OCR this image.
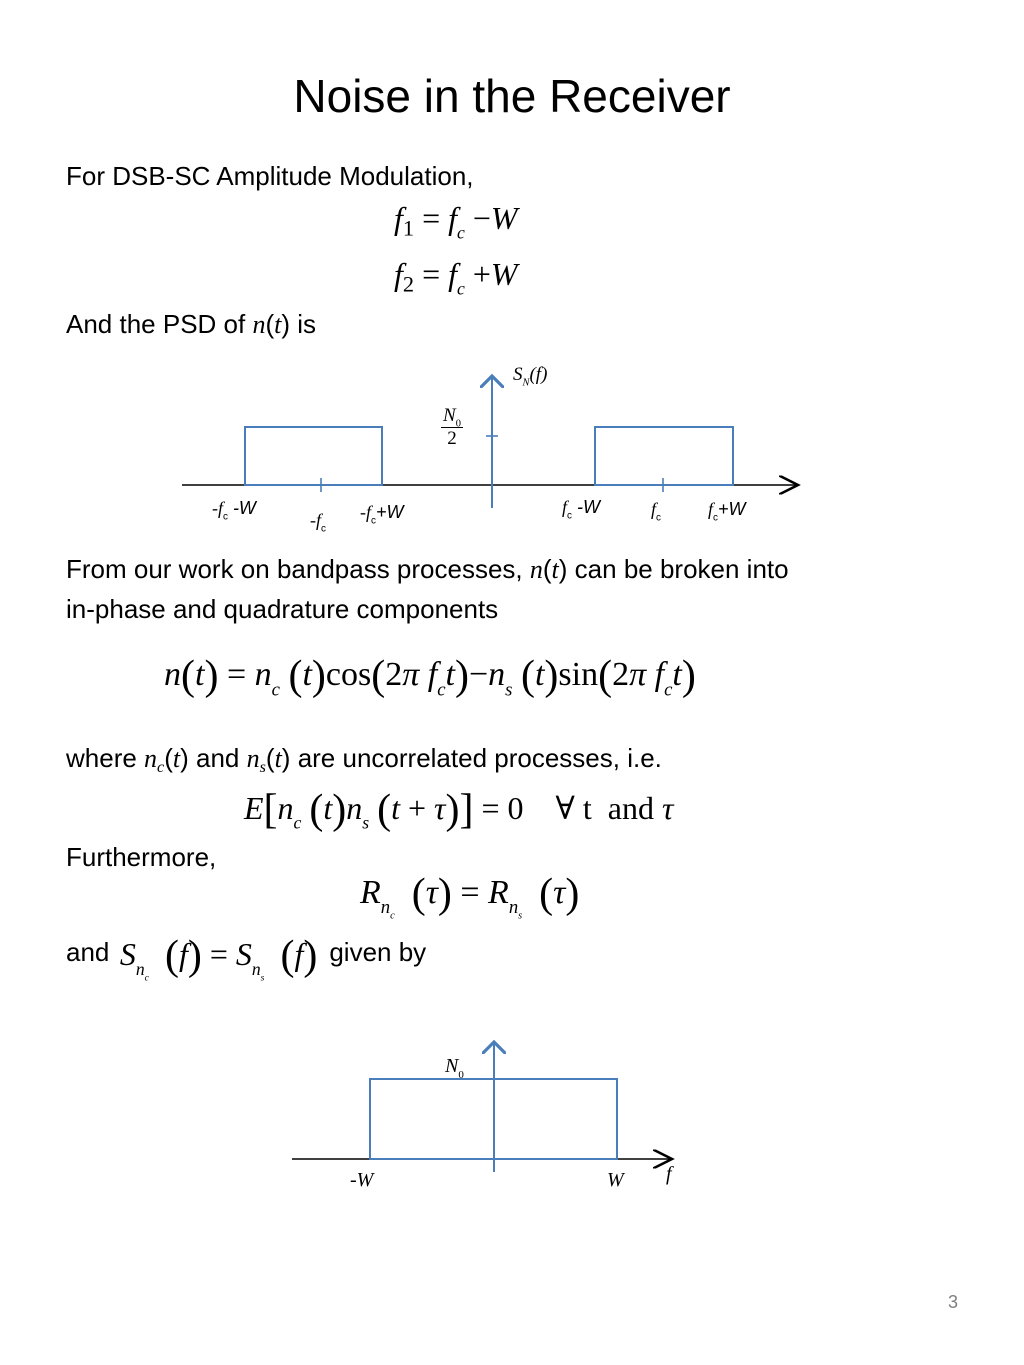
Noise in the Receiver
For DSB-SC Amplitude Modulation,
$f_1 = f_c -W$
$f_2 = f_c +W$
And the PSD of n(t) is
$S_N(f)$
$\frac{N_0}{2}$
$-f_c$ -W
$-f_c$
$-f_c+W$	$f_c$ -W	$f_c$	$f_c+W$
From our work on bandpass processes, n(t) can be broken into
in-phase and quadrature components
$n(t) = n_c$ (t)cos(2π $f_ct)-n_s$ (t)sin(2π $f_ct$)
where $n_c(t)$ and $n_s(t)$ are uncorrelated processes, i.e.
$E[n_c$ $(t)n_s$ (t + τ)] = 0 ∀ t and τ
Furthermore,
$R_{n_c}$ $(\tau) = R_{n_s}$ (τ)
and $S_{n_c}$ $(f) = S_{n_s}$ (f) given by
$N_0$
-W	W f
3
